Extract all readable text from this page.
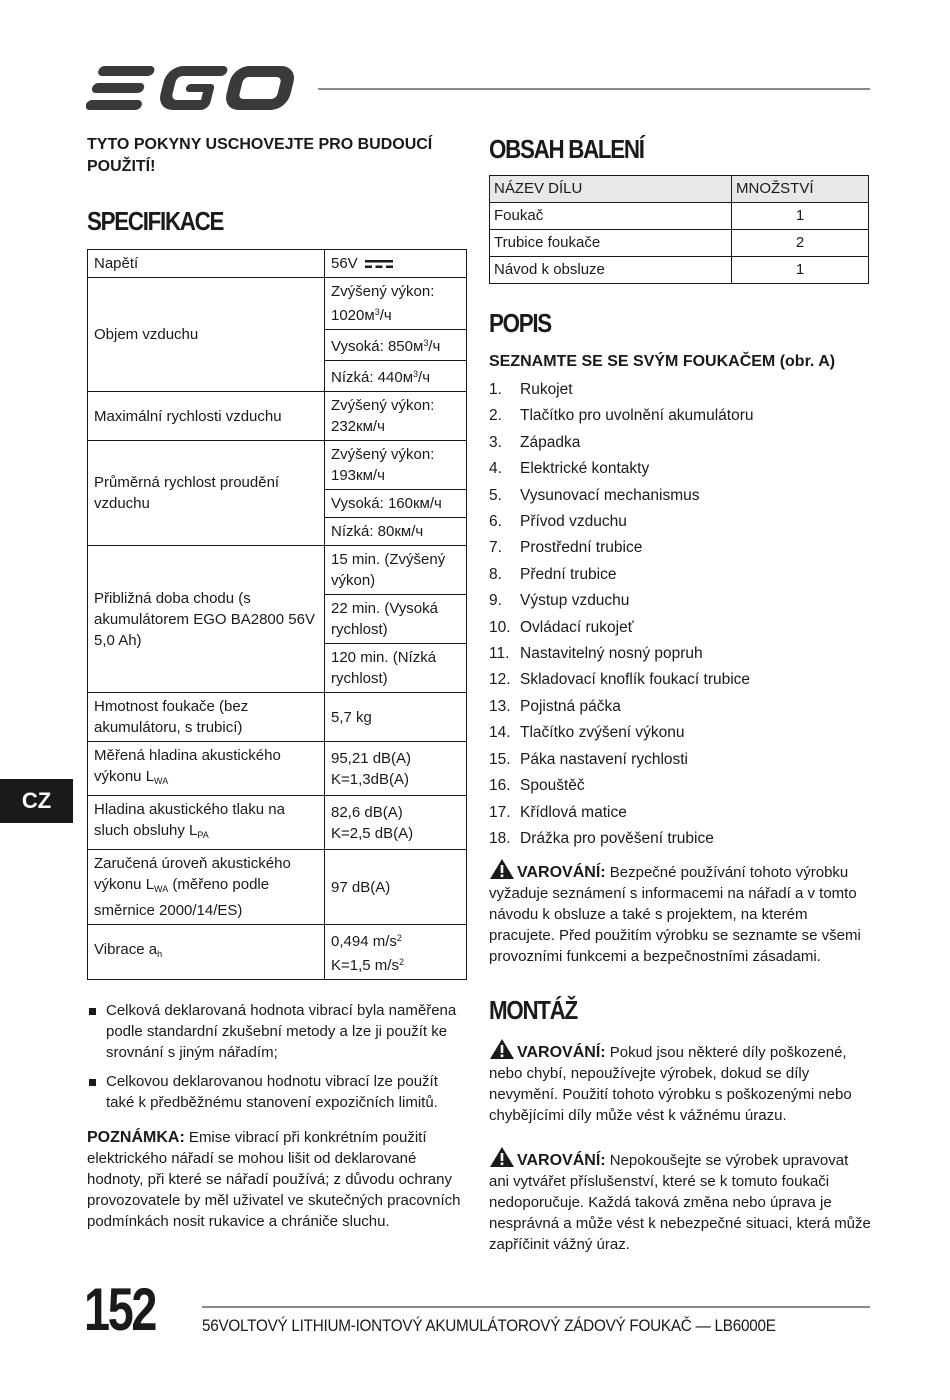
TYTO POKYNY USCHOVEJTE PRO BUDOUCÍ POUŽITÍ!

SPECIFIKACE
Napětí	56V
Objem vzduchu	Zvýšený výkon: $1020м^3/ч$
	Vysoká: $850м^3/ч$
	Nízká: $440м^3/ч$
Maximální rychlosti vzduchu	Zvýšený výkon: 232км/ч
Průměrná rychlost proudění vzduchu	Zvýšený výkon: 193км/ч
	Vysoká: 160км/ч
	Nízká: 80км/ч
Přibližná doba chodu (s akumulátorem EGO BA2800 56V 5,0 Ah)	15 min. (Zvýšený výkon)
	22 min. (Vysoká rychlost)
	120 min. (Nízká rychlost)
Hmotnost foukače (bez akumulátoru, s trubicí)	5,7 kg
Měřená hladina akustického výkonu $L_{WA}$	95,21 dB(A)
K=1,3dB(A)
Hladina akustického tlaku na sluch obsluhy $L_{PA}$	82,6 dB(A)
K=2,5 dB(A)
Zaručená úroveň akustického výkonu $L_{WA}$ (měřeno podle směrnice 2000/14/ES)	97 dB(A)
Vibrace $a_h$	0,494 $m/s^2$
K=1,5 $m/s^2$
Celková deklarovaná hodnota vibrací byla naměřena podle standardní zkušební metody a lze ji použít ke srovnání s jiným nářadím;
Celkovou deklarovanou hodnotu vibrací lze použít také k předběžnému stanovení expozičních limitů.

POZNÁMKA: Emise vibrací při konkrétním použití elektrického nářadí se mohou lišit od deklarované hodnoty, při které se nářadí používá; z důvodu ochrany provozovatele by měl uživatel ve skutečných pracovních podmínkách nosit rukavice a chrániče sluchu.

OBSAH BALENÍ
NÁZEV DÍLU	MNOŽSTVÍ
Foukač	1
Trubice foukače	2
Návod k obsluze	1
POPIS
SEZNAMTE SE SE SVÝM FOUKAČEM (obr. A)
1.	Rukojet
2.	Tlačítko pro uvolnění akumulátoru
3.	Západka
4.	Elektrické kontakty
5.	Vysunovací mechanismus
6.	Přívod vzduchu
7.	Prostřední trubice
8.	Přední trubice
9.	Výstup vzduchu
10. Ovládací rukojeť
11. Nastavitelný nosný popruh
12. Skladovací knoflík foukací trubice
13. Pojistná páčka
14. Tlačítko zvýšení výkonu
15. Páka nastavení rychlosti
16. Spouštěč
17. Křídlová matice
18. Drážka pro pověšení trubice

VAROVÁNÍ: Bezpečné používání tohoto výrobku vyžaduje seznámení s informacemi na nářadí a v tomto návodu k obsluze a také s projektem, na kterém pracujete. Před použitím výrobku se seznamte se všemi provozními funkcemi a bezpečnostními zásadami.

MONTÁŽ

VAROVÁNÍ: Pokud jsou některé díly poškozené, nebo chybí, nepoužívejte výrobek, dokud se díly nevymění. Použití tohoto výrobku s poškozenými nebo chybějícími díly může vést k vážnému úrazu.

VAROVÁNÍ: Nepokoušejte se výrobek upravovat ani vytvářet příslušenství, které se k tomuto foukači nedoporučuje. Každá taková změna nebo úprava je nesprávná a může vést k nebezpečné situaci, která může zapříčinit vážný úraz.

CZ
152	56VOLTOVÝ LITHIUM-IONTOVÝ AKUMULÁTOROVÝ ZÁDOVÝ FOUKAČ — LB6000E
